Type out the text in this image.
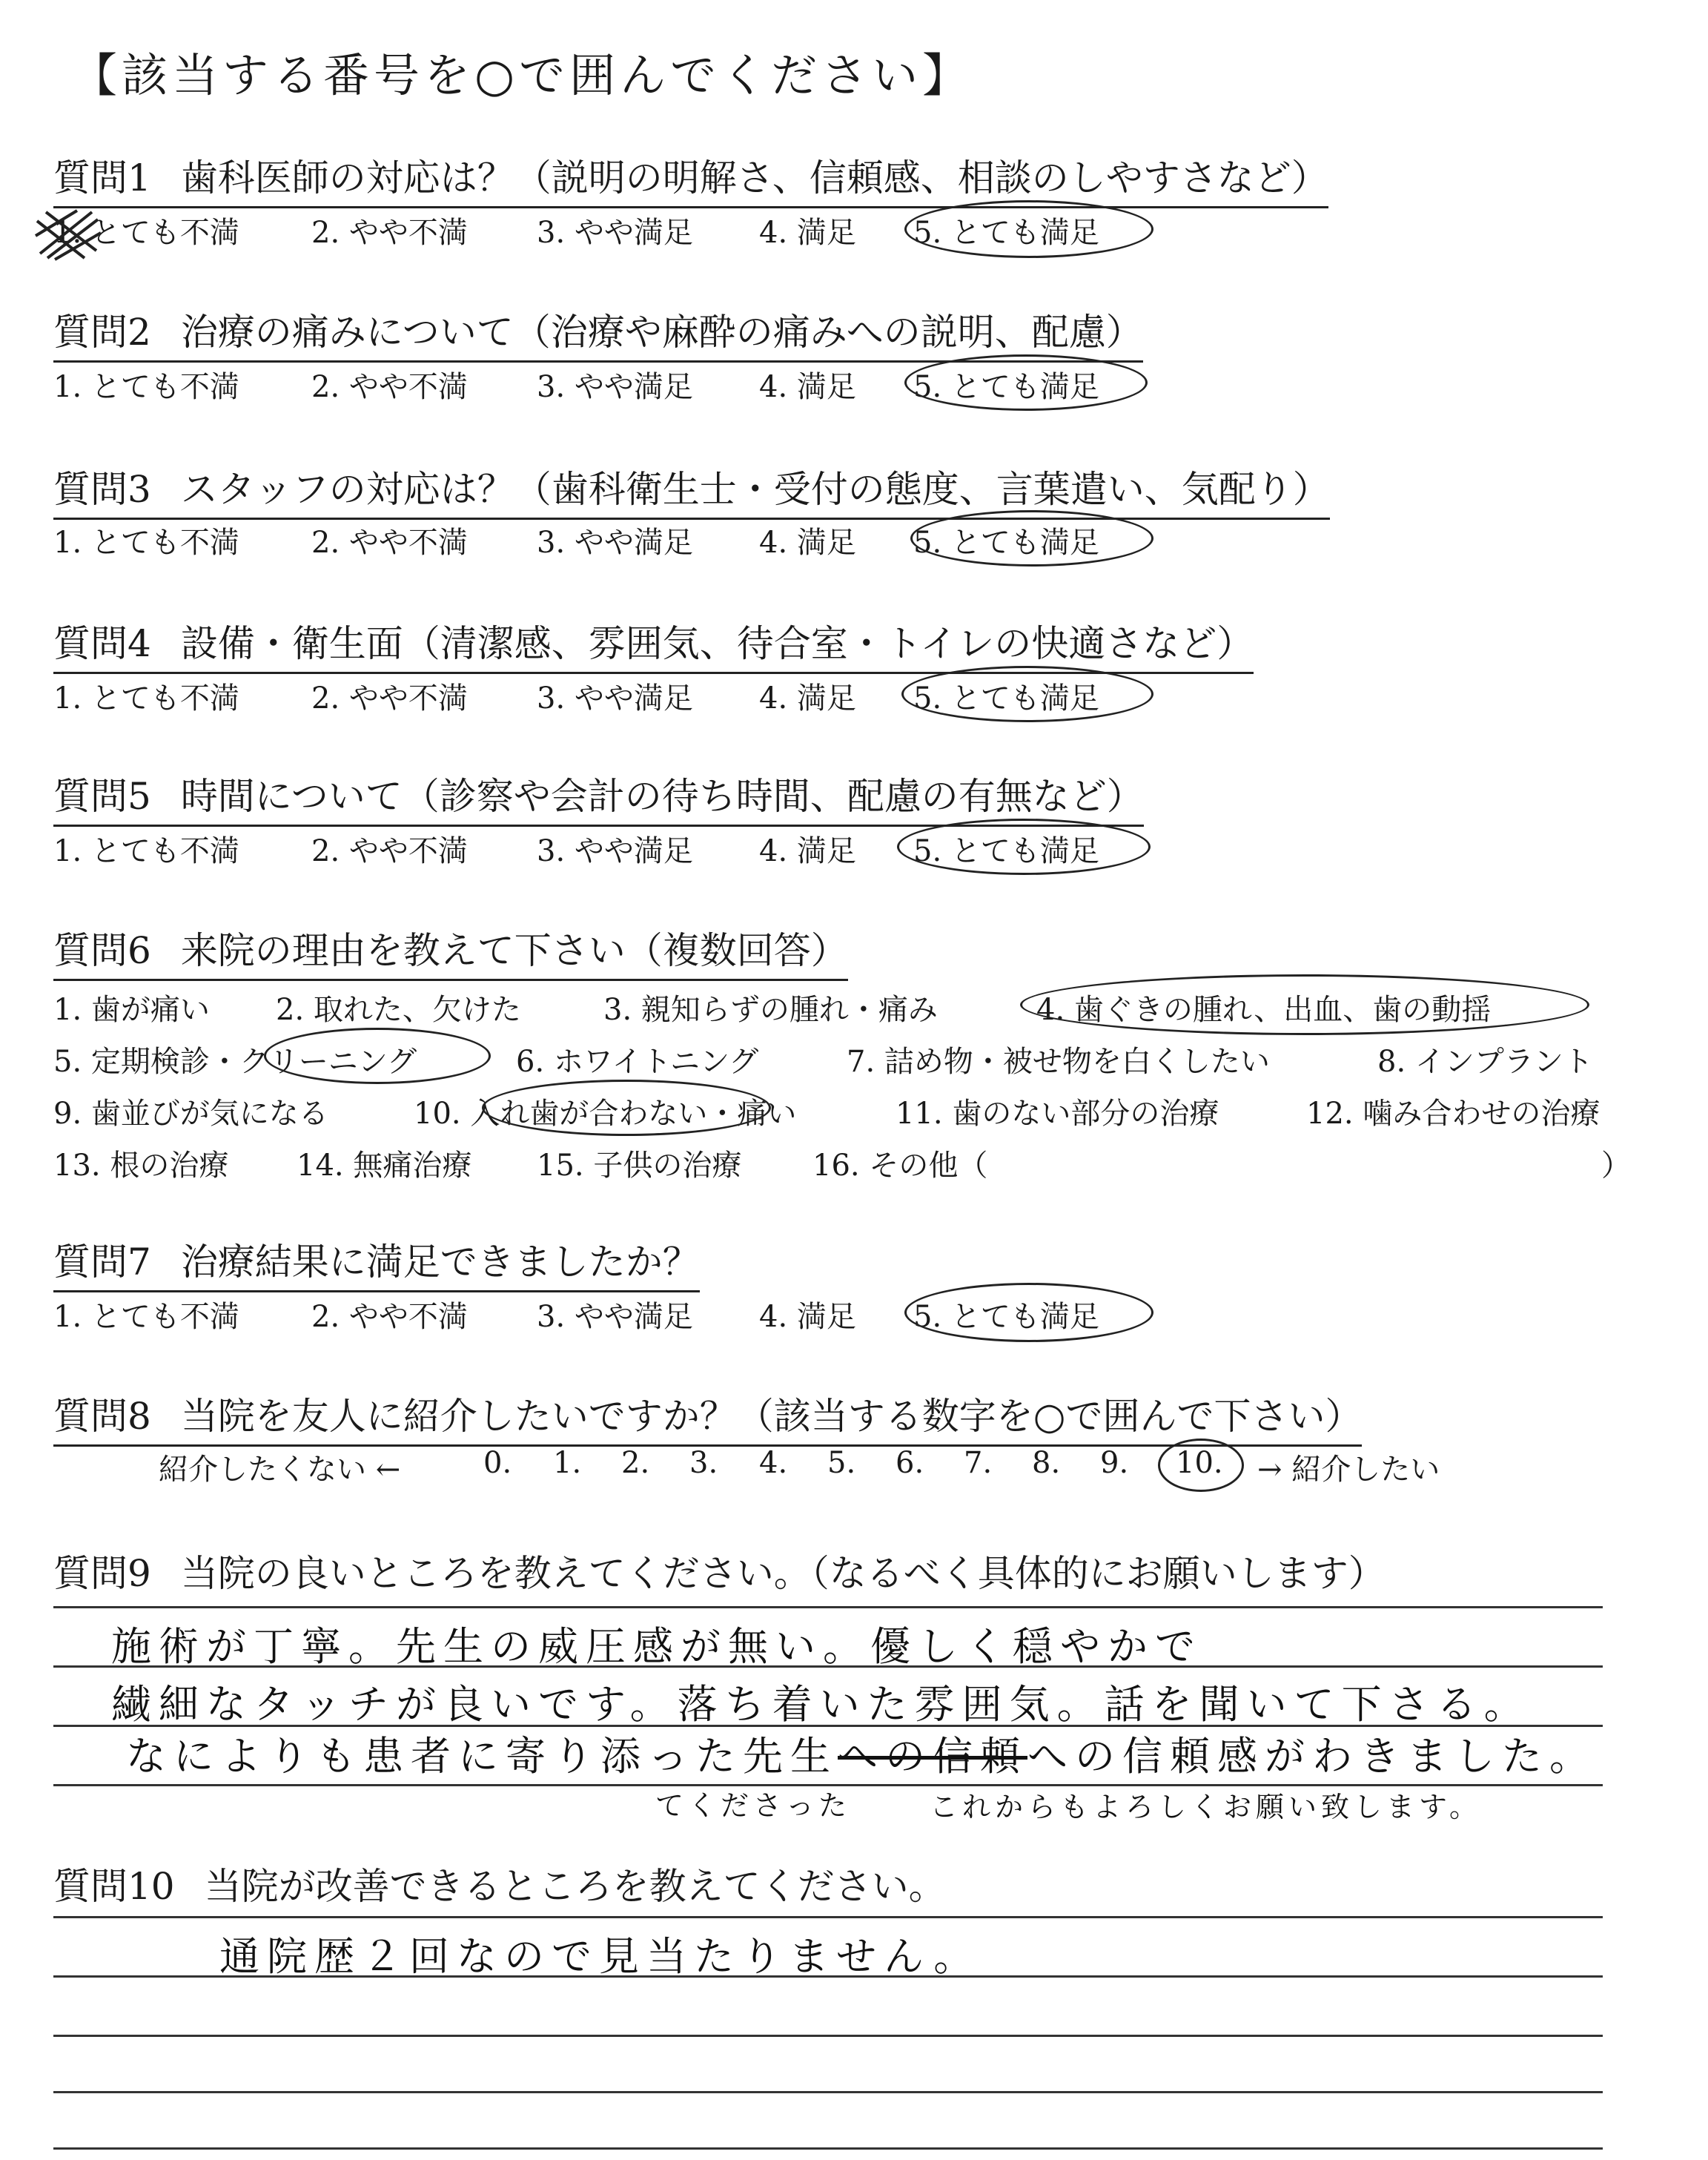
【該当する番号を○で囲んでください】
質問1 歯科医師の対応は？（説明の明解さ、信頼感、相談のしやすさなど）
1. とても不満 2. やや不満 3. やや満足 4. 満足 5. とても満足
質問2 治療の痛みについて（治療や麻酔の痛みへの説明、配慮）
1. とても不満 2. やや不満 3. やや満足 4. 満足 5. とても満足
質問3 スタッフの対応は？（歯科衛生士・受付の態度、言葉遣い、気配り）
1. とても不満 2. やや不満 3. やや満足 4. 満足 5. とても満足
質問4 設備・衛生面（清潔感、雰囲気、待合室・トイレの快適さなど）
1. とても不満 2. やや不満 3. やや満足 4. 満足 5. とても満足
質問5 時間について（診察や会計の待ち時間、配慮の有無など）
1. とても不満 2. やや不満 3. やや満足 4. 満足 5. とても満足
質問6 来院の理由を教えて下さい（複数回答）
1. 歯が痛い 2. 取れた、欠けた	3. 親知らずの腫れ・痛み	4. 歯ぐきの腫れ、出血、歯の動揺
5. 定期検診・クリーニング	6. ホワイトニング	7. 詰め物・被せ物を白くしたい	8. インプラント
9. 歯並びが気になる	10. 入れ歯が合わない・痛い	11. 歯のない部分の治療	12. 噛み合わせの治療
13. 根の治療 14. 無痛治療 15. 子供の治療 16. その他（	）
質問7 治療結果に満足できましたか？
1. とても不満 2. やや不満 3. やや満足 4. 満足 5. とても満足
質問8 当院を友人に紹介したいですか？（該当する数字を○で囲んで下さい）
紹介したくない ←	0. 1. 2. 3. 4. 5. 6. 7. 8. 9. 10. → 紹介したい
質問9 当院の良いところを教えてください。（なるべく具体的にお願いします）
施術が丁寧。先生の威圧感が無い。優しく穏やかで
繊細なタッチが良いです。落ち着いた雰囲気。話を聞いて下さる。
なによりも患者に寄り添った先生への信頼への信頼感がわきました。
てくださった	これからもよろしくお願い致します。
質問10 当院が改善できるところを教えてください。
通院歴２回なので見当たりません。
